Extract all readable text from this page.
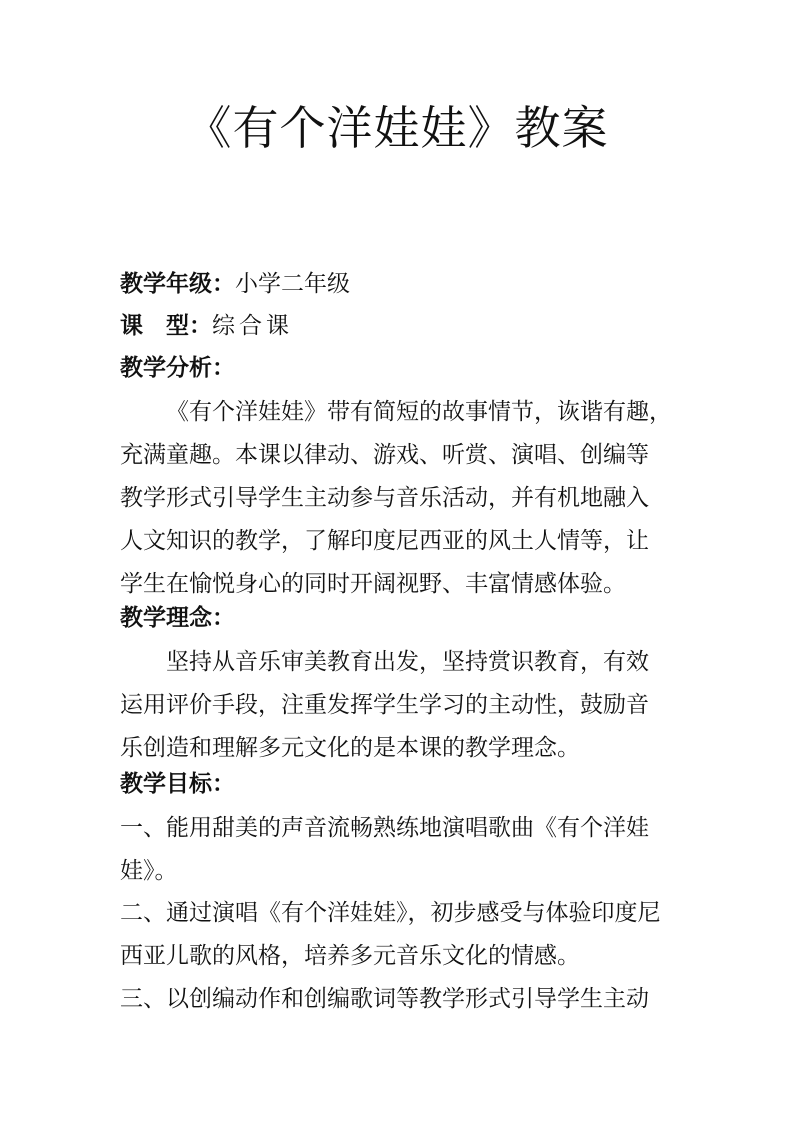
《有个洋娃娃》教案
教学年级：小学二年级
课　型：综合课
教学分析：
《有个洋娃娃》带有简短的故事情节，诙谐有趣，
充满童趣。本课以律动、游戏、听赏、演唱、创编等
教学形式引导学生主动参与音乐活动，并有机地融入
人文知识的教学，了解印度尼西亚的风土人情等，让
学生在愉悦身心的同时开阔视野、丰富情感体验。
教学理念：
坚持从音乐审美教育出发，坚持赏识教育，有效
运用评价手段，注重发挥学生学习的主动性，鼓励音
乐创造和理解多元文化的是本课的教学理念。
教学目标：
一、能用甜美的声音流畅熟练地演唱歌曲《有个洋娃
娃》。
二、通过演唱《有个洋娃娃》，初步感受与体验印度尼
西亚儿歌的风格，培养多元音乐文化的情感。
三、以创编动作和创编歌词等教学形式引导学生主动
